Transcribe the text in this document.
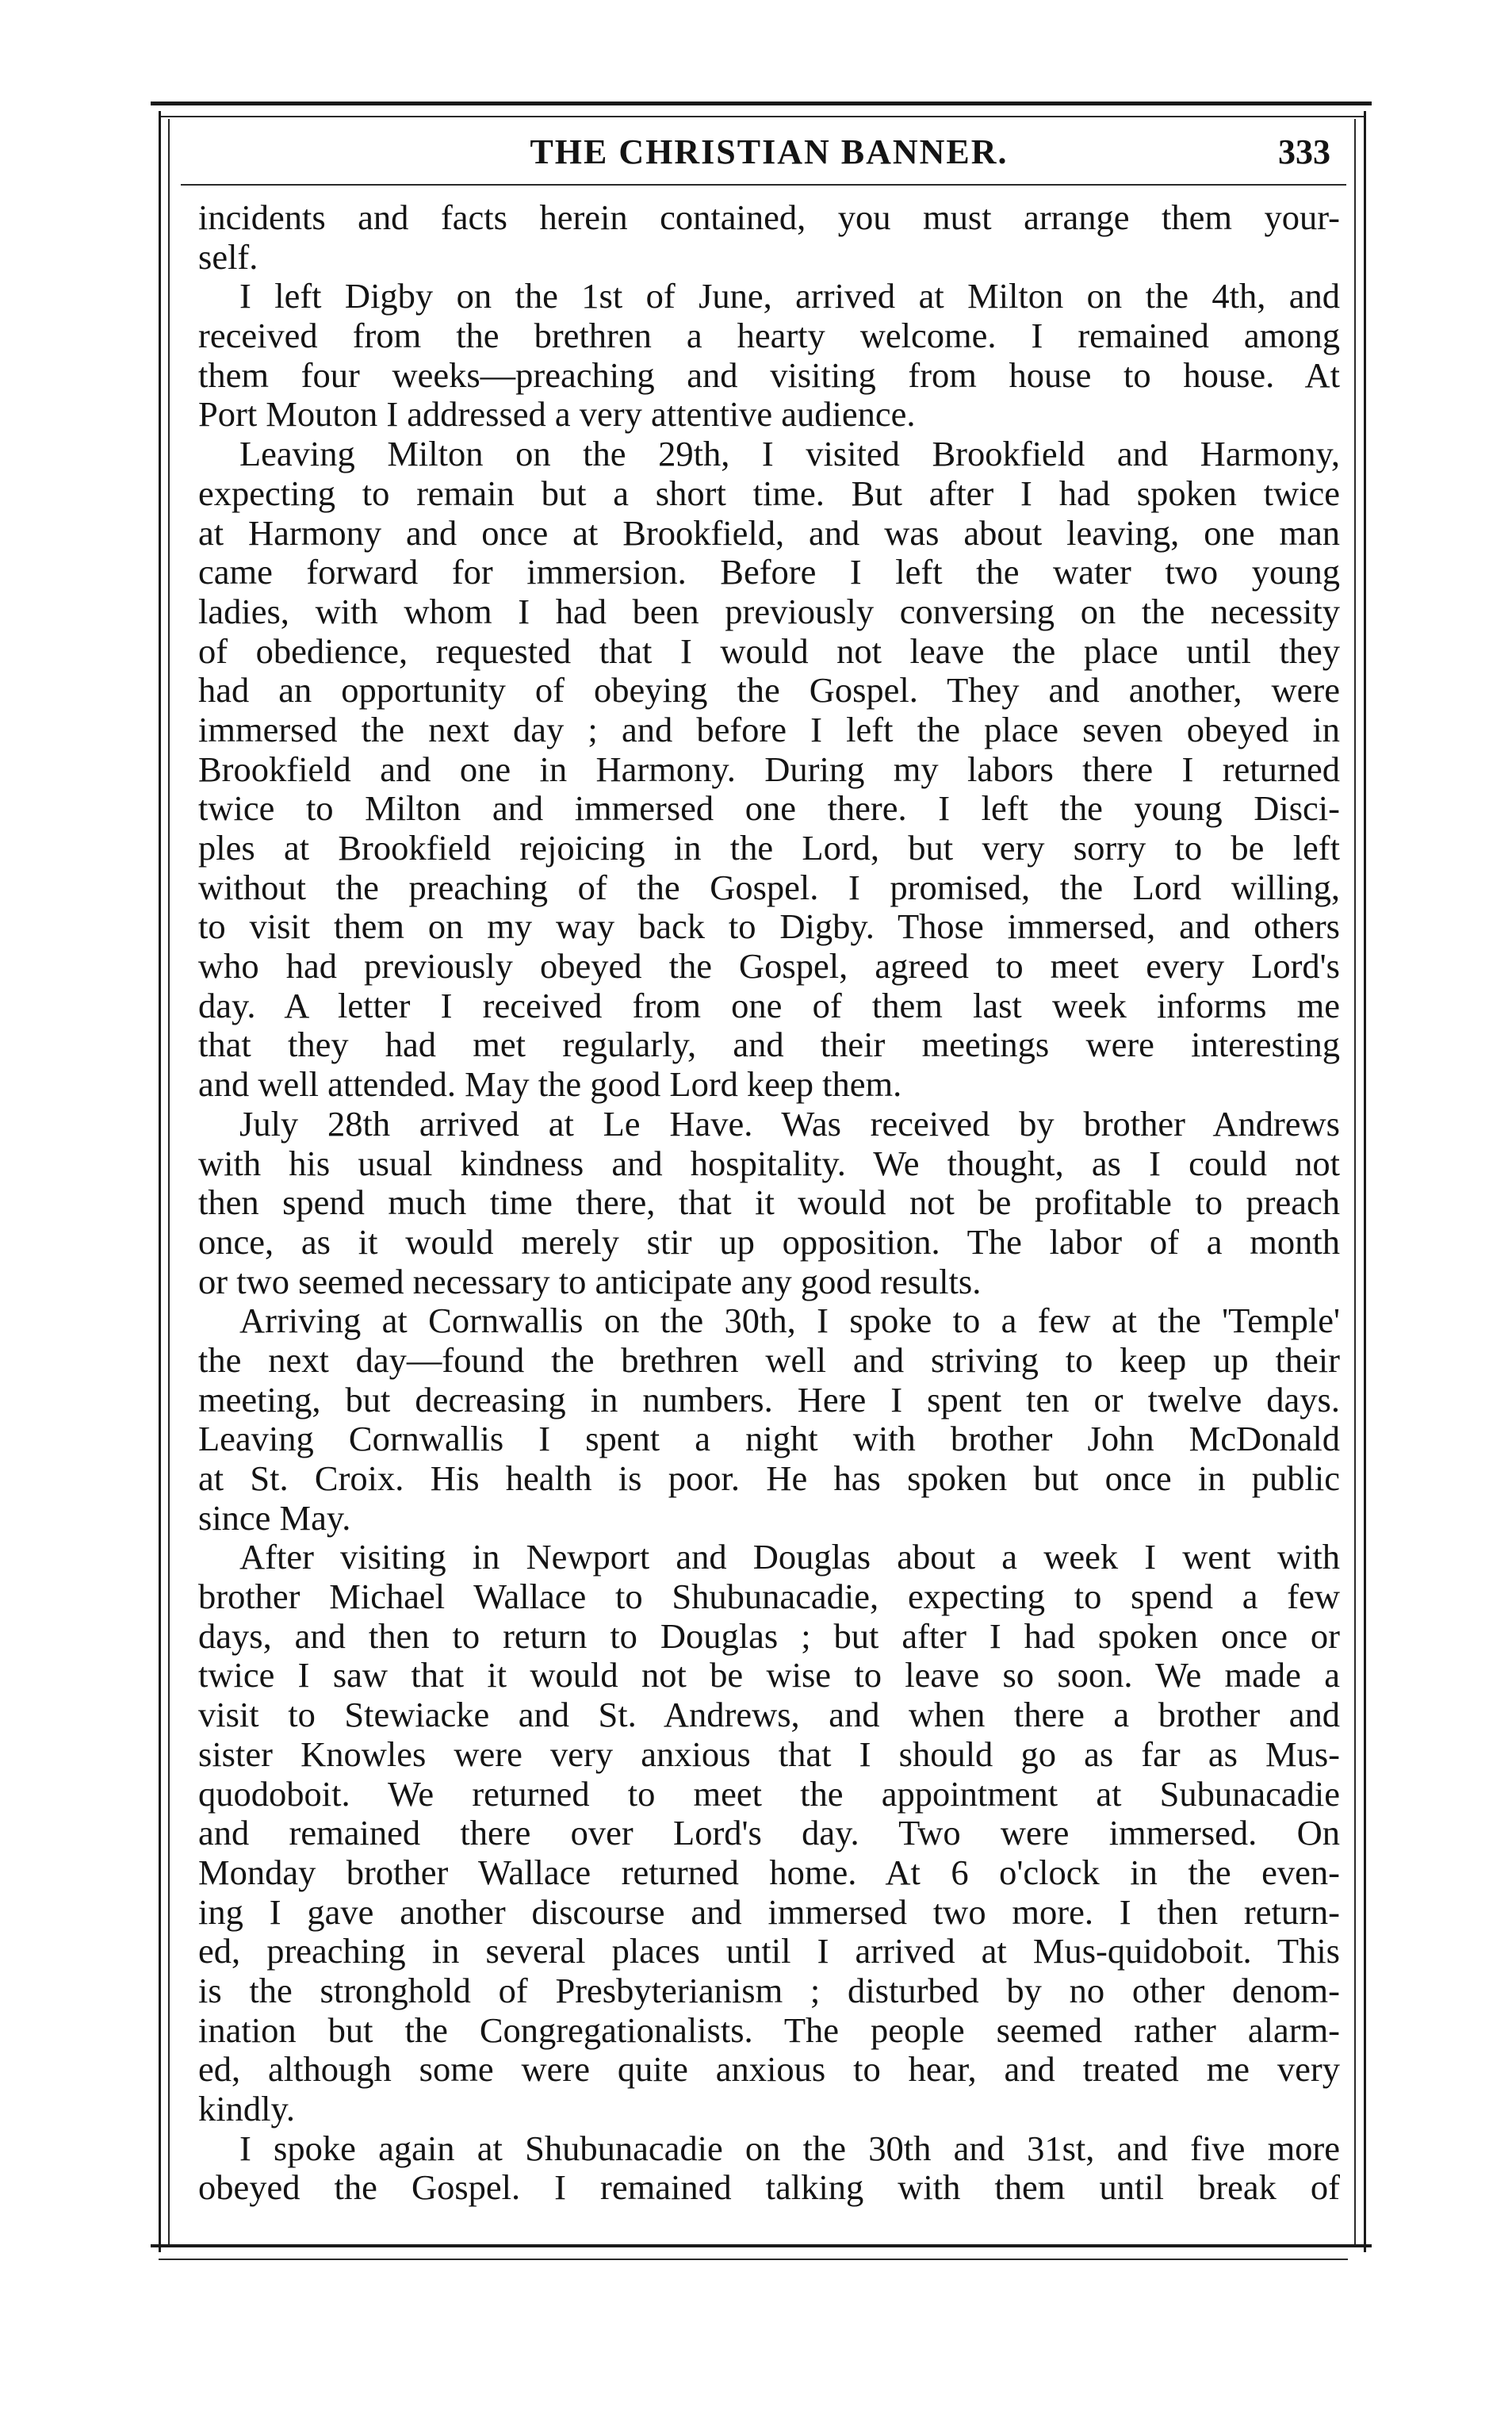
THE CHRISTIAN BANNER.	333
incidents and facts herein contained, you must arrange them your-
self.
I left Digby on the 1st of June, arrived at Milton on the 4th, and
received from the brethren a hearty welcome. I remained among
them four weeks—preaching and visiting from house to house. At
Port Mouton I addressed a very attentive audience.
Leaving Milton on the 29th, I visited Brookfield and Harmony,
expecting to remain but a short time. But after I had spoken twice
at Harmony and once at Brookfield, and was about leaving, one man
came forward for immersion. Before I left the water two young
ladies, with whom I had been previously conversing on the necessity
of obedience, requested that I would not leave the place until they
had an opportunity of obeying the Gospel. They and another, were
immersed the next day ; and before I left the place seven obeyed in
Brookfield and one in Harmony. During my labors there I returned
twice to Milton and immersed one there. I left the young Disci-
ples at Brookfield rejoicing in the Lord, but very sorry to be left
without the preaching of the Gospel. I promised, the Lord willing,
to visit them on my way back to Digby. Those immersed, and others
who had previously obeyed the Gospel, agreed to meet every Lord's
day. A letter I received from one of them last week informs me
that they had met regularly, and their meetings were interesting
and well attended. May the good Lord keep them.
July 28th arrived at Le Have. Was received by brother Andrews
with his usual kindness and hospitality. We thought, as I could not
then spend much time there, that it would not be profitable to preach
once, as it would merely stir up opposition. The labor of a month
or two seemed necessary to anticipate any good results.
Arriving at Cornwallis on the 30th, I spoke to a few at the 'Temple'
the next day—found the brethren well and striving to keep up their
meeting, but decreasing in numbers. Here I spent ten or twelve days.
Leaving Cornwallis I spent a night with brother John McDonald
at St. Croix. His health is poor. He has spoken but once in public
since May.
After visiting in Newport and Douglas about a week I went with
brother Michael Wallace to Shubunacadie, expecting to spend a few
days, and then to return to Douglas ; but after I had spoken once or
twice I saw that it would not be wise to leave so soon. We made a
visit to Stewiacke and St. Andrews, and when there a brother and
sister Knowles were very anxious that I should go as far as Mus-
quodoboit. We returned to meet the appointment at Subunacadie
and remained there over Lord's day. Two were immersed. On
Monday brother Wallace returned home. At 6 o'clock in the even-
ing I gave another discourse and immersed two more. I then return-
ed, preaching in several places until I arrived at Mus-quidoboit. This
is the stronghold of Presbyterianism ; disturbed by no other denom-
ination but the Congregationalists. The people seemed rather alarm-
ed, although some were quite anxious to hear, and treated me very
kindly.
I spoke again at Shubunacadie on the 30th and 31st, and five more
obeyed the Gospel. I remained talking with them until break of
